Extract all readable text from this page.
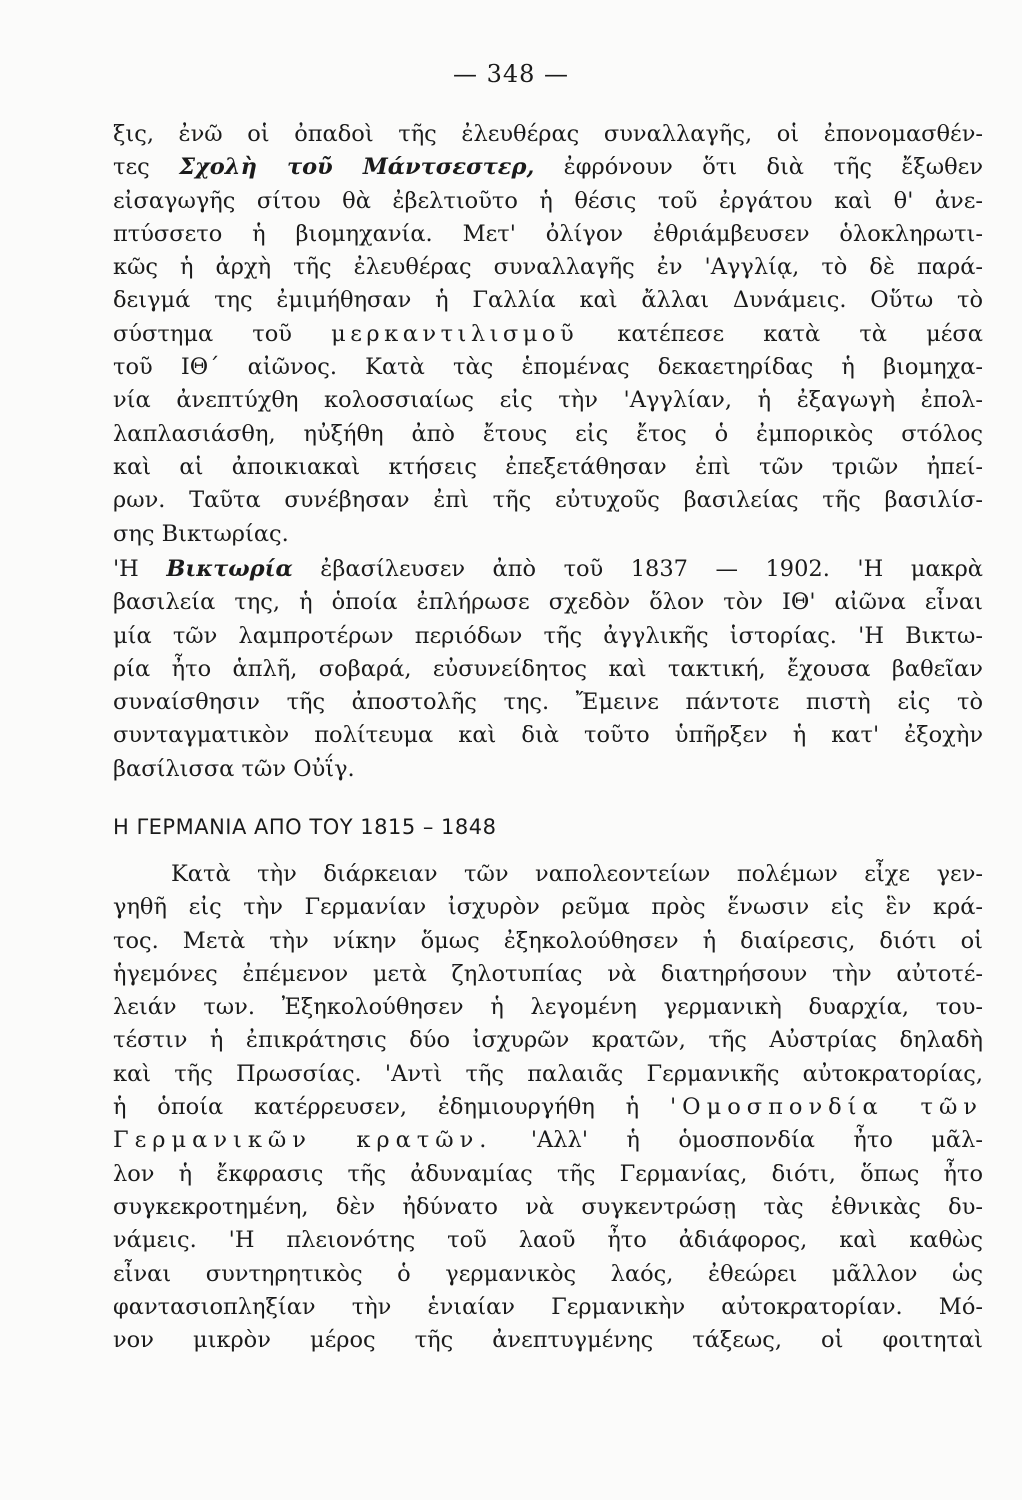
— 348 —
ξις, ἐνῶ οἱ ὀπαδοὶ τῆς ἐλευθέρας συναλλαγῆς, οἱ ἐπονομασθέν-
τες Σχολὴ τοῦ Μάντσεστερ, ἐφρόνουν ὅτι διὰ τῆς ἔξωθεν
εἰσαγωγῆς σίτου θὰ ἐβελτιοῦτο ἡ θέσις τοῦ ἐργάτου καὶ θ' ἀνε-
πτύσσετο ἡ βιομηχανία. Μετ' ὀλίγον ἐθριάμβευσεν ὁλοκληρωτι-
κῶς ἡ ἀρχὴ τῆς ἐλευθέρας συναλλαγῆς ἐν 'Αγγλίᾳ, τὸ δὲ παρά-
δειγμά της ἐμιμήθησαν ἡ Γαλλία καὶ ἄλλαι Δυνάμεις. Οὕτω τὸ
σύστημα τοῦ μερκαντιλισμοῦ κατέπεσε κατὰ τὰ μέσα
τοῦ ΙΘ΄ αἰῶνος. Κατὰ τὰς ἑπομένας δεκαετηρίδας ἡ βιομηχα-
νία ἀνεπτύχθη κολοσσιαίως εἰς τὴν 'Αγγλίαν, ἡ ἐξαγωγὴ ἐπολ-
λαπλασιάσθη, ηὐξήθη ἀπὸ ἔτους εἰς ἔτος ὁ ἐμπορικὸς στόλος
καὶ αἱ ἀποικιακαὶ κτήσεις ἐπεξετάθησαν ἐπὶ τῶν τριῶν ἠπεί-
ρων. Ταῦτα συνέβησαν ἐπὶ τῆς εὐτυχοῦς βασιλείας τῆς βασιλίσ-
σης Βικτωρίας.
'Η Βικτωρία ἐβασίλευσεν ἀπὸ τοῦ 1837 — 1902. 'Η μακρὰ
βασιλεία της, ἡ ὁποία ἐπλήρωσε σχεδὸν ὅλον τὸν ΙΘ' αἰῶνα εἶναι
μία τῶν λαμπροτέρων περιόδων τῆς ἀγγλικῆς ἱστορίας. 'Η Βικτω-
ρία ἦτο ἁπλῆ, σοβαρά, εὐσυνείδητος καὶ τακτική, ἔχουσα βαθεῖαν
συναίσθησιν τῆς ἀποστολῆς της. Ἔμεινε πάντοτε πιστὴ εἰς τὸ
συνταγματικὸν πολίτευμα καὶ διὰ τοῦτο ὑπῆρξεν ἡ κατ' ἐξοχὴν
βασίλισσα τῶν Οὐΐγ.
Η ΓΕΡΜΑΝΙΑ ΑΠΟ ΤΟΥ 1815 – 1848
Κατὰ τὴν διάρκειαν τῶν ναπολεοντείων πολέμων εἶχε γεν-
γηθῆ εἰς τὴν Γερμανίαν ἰσχυρὸν ρεῦμα πρὸς ἕνωσιν εἰς ἓν κρά-
τος. Μετὰ τὴν νίκην ὅμως ἐξηκολούθησεν ἡ διαίρεσις, διότι οἱ
ἡγεμόνες ἐπέμενον μετὰ ζηλοτυπίας νὰ διατηρήσουν τὴν αὐτοτέ-
λειάν των. Ἐξηκολούθησεν ἡ λεγομένη γερμανικὴ δυαρχία, του-
τέστιν ἡ ἐπικράτησις δύο ἰσχυρῶν κρατῶν, τῆς Αὐστρίας δηλαδὴ
καὶ τῆς Πρωσσίας. 'Αντὶ τῆς παλαιᾶς Γερμανικῆς αὐτοκρατορίας,
ἡ ὁποία κατέρρευσεν, ἐδημιουργήθη ἡ 'Ομοσπονδία τῶν
Γερμανικῶν κρατῶν. 'Αλλ' ἡ ὁμοσπονδία ἦτο μᾶλ-
λον ἡ ἔκφρασις τῆς ἀδυναμίας τῆς Γερμανίας, διότι, ὅπως ἦτο
συγκεκροτημένη, δὲν ἠδύνατο νὰ συγκεντρώσῃ τὰς ἐθνικὰς δυ-
νάμεις. 'Η πλειονότης τοῦ λαοῦ ἦτο ἀδιάφορος, καὶ καθὼς
εἶναι συντηρητικὸς ὁ γερμανικὸς λαός, ἐθεώρει μᾶλλον ὡς
φαντασιοπληξίαν τὴν ἑνιαίαν Γερμανικὴν αὐτοκρατορίαν. Μό-
νον μικρὸν μέρος τῆς ἀνεπτυγμένης τάξεως, οἱ φοιτηταὶ
